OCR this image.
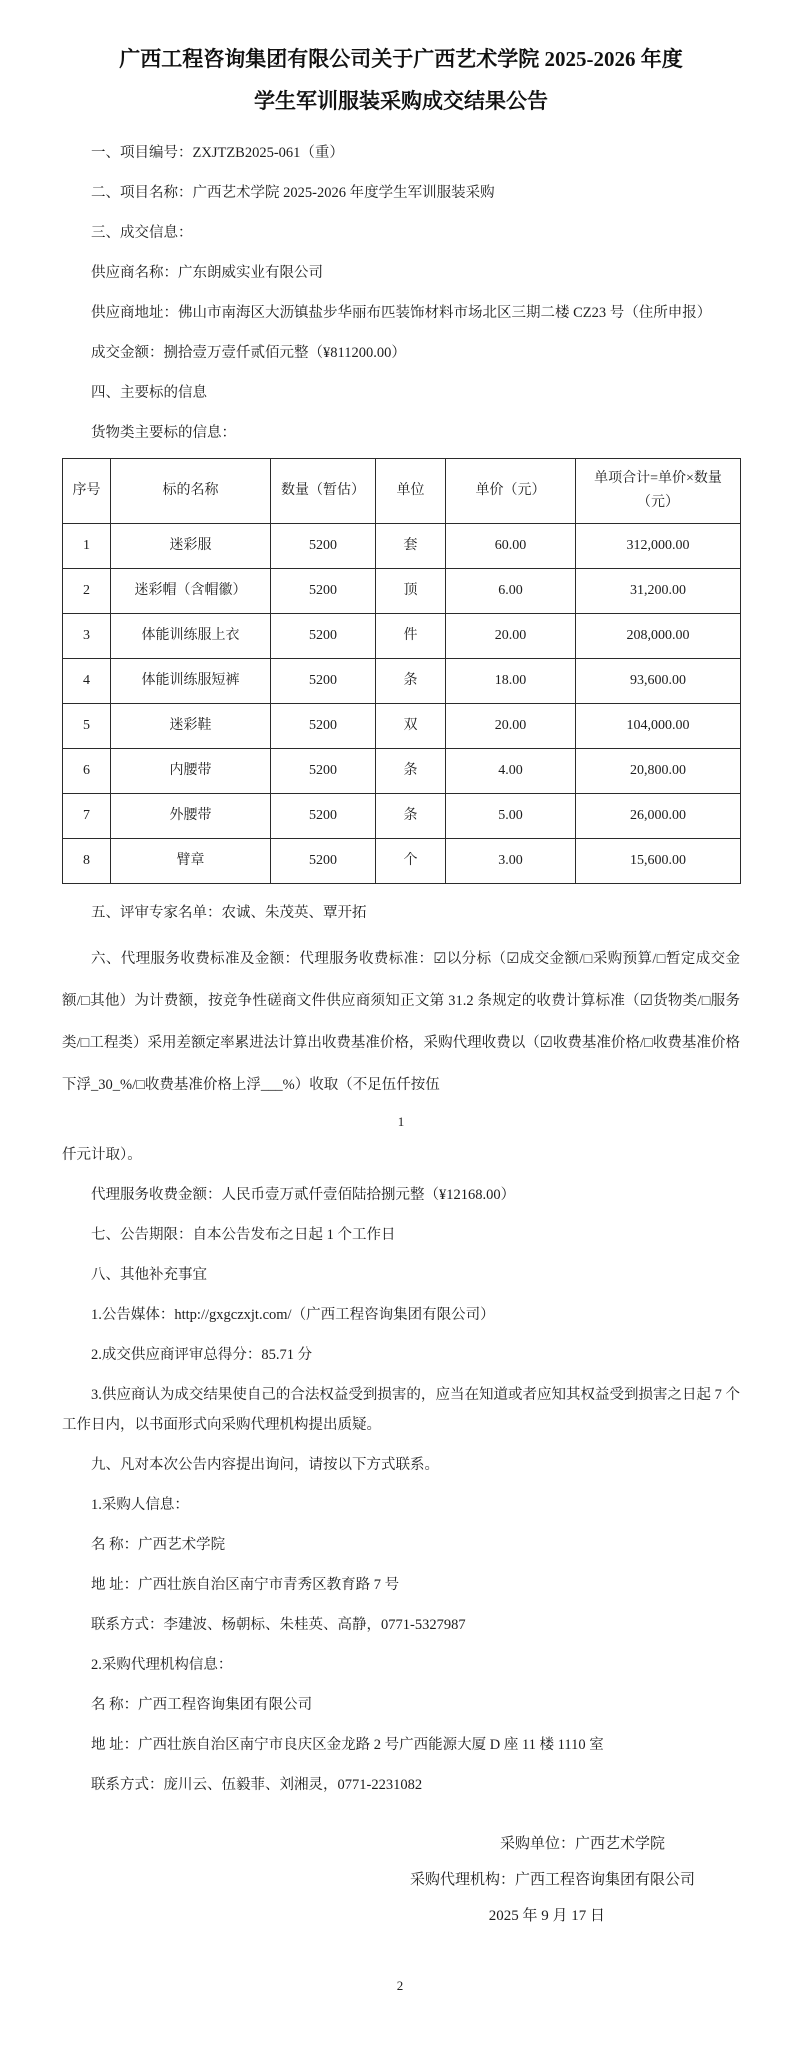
广西工程咨询集团有限公司关于广西艺术学院 2025-2026 年度
学生军训服装采购成交结果公告

一、项目编号：ZXJTZB2025-061（重）

二、项目名称：广西艺术学院 2025-2026 年度学生军训服装采购

三、成交信息：

供应商名称：广东朗威实业有限公司

供应商地址：佛山市南海区大沥镇盐步华丽布匹装饰材料市场北区三期二楼 CZ23 号（住所申报）

成交金额：捌拾壹万壹仟贰佰元整（¥811200.00）

四、主要标的信息

货物类主要标的信息：

序号	标的名称	数量（暂估）	单位	单价（元）	单项合计=单价×数量（元）
1	迷彩服	5200	套	60.00	312,000.00
2	迷彩帽（含帽徽）	5200	顶	6.00	31,200.00
3	体能训练服上衣	5200	件	20.00	208,000.00
4	体能训练服短裤	5200	条	18.00	93,600.00
5	迷彩鞋	5200	双	20.00	104,000.00
6	内腰带	5200	条	4.00	20,800.00
7	外腰带	5200	条	5.00	26,000.00
8	臂章	5200	个	3.00	15,600.00

五、评审专家名单：农诚、朱茂英、覃开拓

六、代理服务收费标准及金额：代理服务收费标准：☑以分标（☑成交金额/□采购预算/□暂定成交金额/□其他）为计费额，按竞争性磋商文件供应商须知正文第 31.2 条规定的收费计算标准（☑货物类/□服务类/□工程类）采用差额定率累进法计算出收费基准价格，采购代理收费以（☑收费基准价格/□收费基准价格下浮_30_%/□收费基准价格上浮___%）收取（不足伍仟按伍

1

仟元计取）。

代理服务收费金额：人民币壹万贰仟壹佰陆拾捌元整（¥12168.00）

七、公告期限：自本公告发布之日起 1 个工作日

八、其他补充事宜

1.公告媒体：http://gxgczxjt.com/（广西工程咨询集团有限公司）

2.成交供应商评审总得分：85.71 分

3.供应商认为成交结果使自己的合法权益受到损害的，应当在知道或者应知其权益受到损害之日起 7 个工作日内，以书面形式向采购代理机构提出质疑。

九、凡对本次公告内容提出询问，请按以下方式联系。

1.采购人信息：

名 称：广西艺术学院

地 址：广西壮族自治区南宁市青秀区教育路 7 号

联系方式：李建波、杨朝标、朱桂英、高静，0771-5327987

2.采购代理机构信息：

名 称：广西工程咨询集团有限公司

地 址：广西壮族自治区南宁市良庆区金龙路 2 号广西能源大厦 D 座 11 楼 1110 室

联系方式：庞川云、伍毅菲、刘湘灵，0771-2231082

采购单位：广西艺术学院
采购代理机构：广西工程咨询集团有限公司
2025 年 9 月 17 日
2
